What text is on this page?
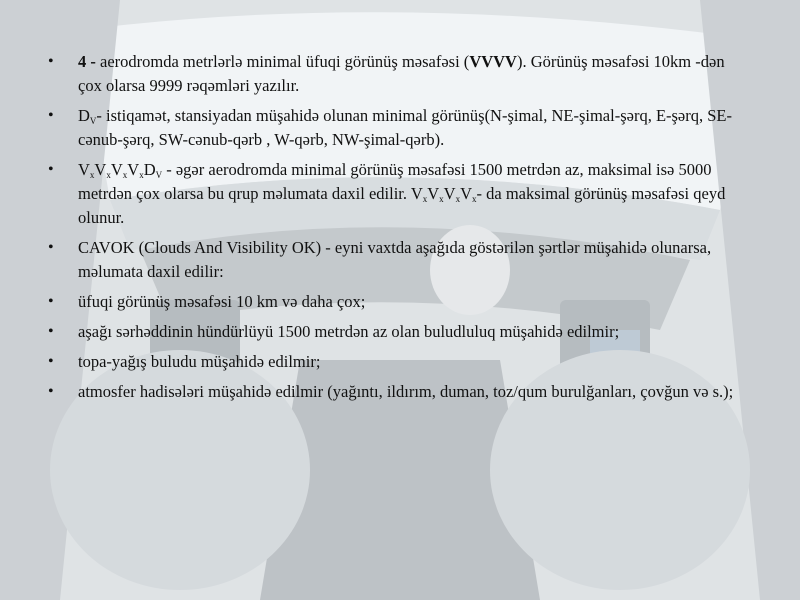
• 4 - aerodromda metrlərlə minimal üfuqi görünüş məsafəsi (VVVV). Görünüş məsafəsi 10km -dən çox olarsa 9999 rəqəmləri yazılır.
• $D_V-$ istiqamət, stansiyadan müşahidə olunan minimal görünüş(N-şimal, NE-şimal-şərq, E-şərq, SE-cənub-şərq, SW-cənub-qərb , W-qərb, NW-şimal-qərb).
• $V_xV_xV_xV_xD_V$ - əgər aerodromda minimal görünüş məsafəsi 1500 metrdən az, maksimal isə 5000 metrdən çox olarsa bu qrup məlumata daxil edilir. $V_xV_xV_xV_x-$ da maksimal görünüş məsafəsi qeyd olunur.
• CAVOK (Clouds And Visibility OK) - eyni vaxtda aşağıda göstərilən şərtlər müşahidə olunarsa, məlumata daxil edilir:
• üfuqi görünüş məsafəsi 10 km və daha çox;
• aşağı sərhəddinin hündürlüyü 1500 metrdən az olan buludluluq müşahidə edilmir;
• topa-yağış buludu müşahidə edilmir;
• atmosfer hadisələri müşahidə edilmir (yağıntı, ildırım, duman, toz/qum burulğanları, çovğun və s.);
